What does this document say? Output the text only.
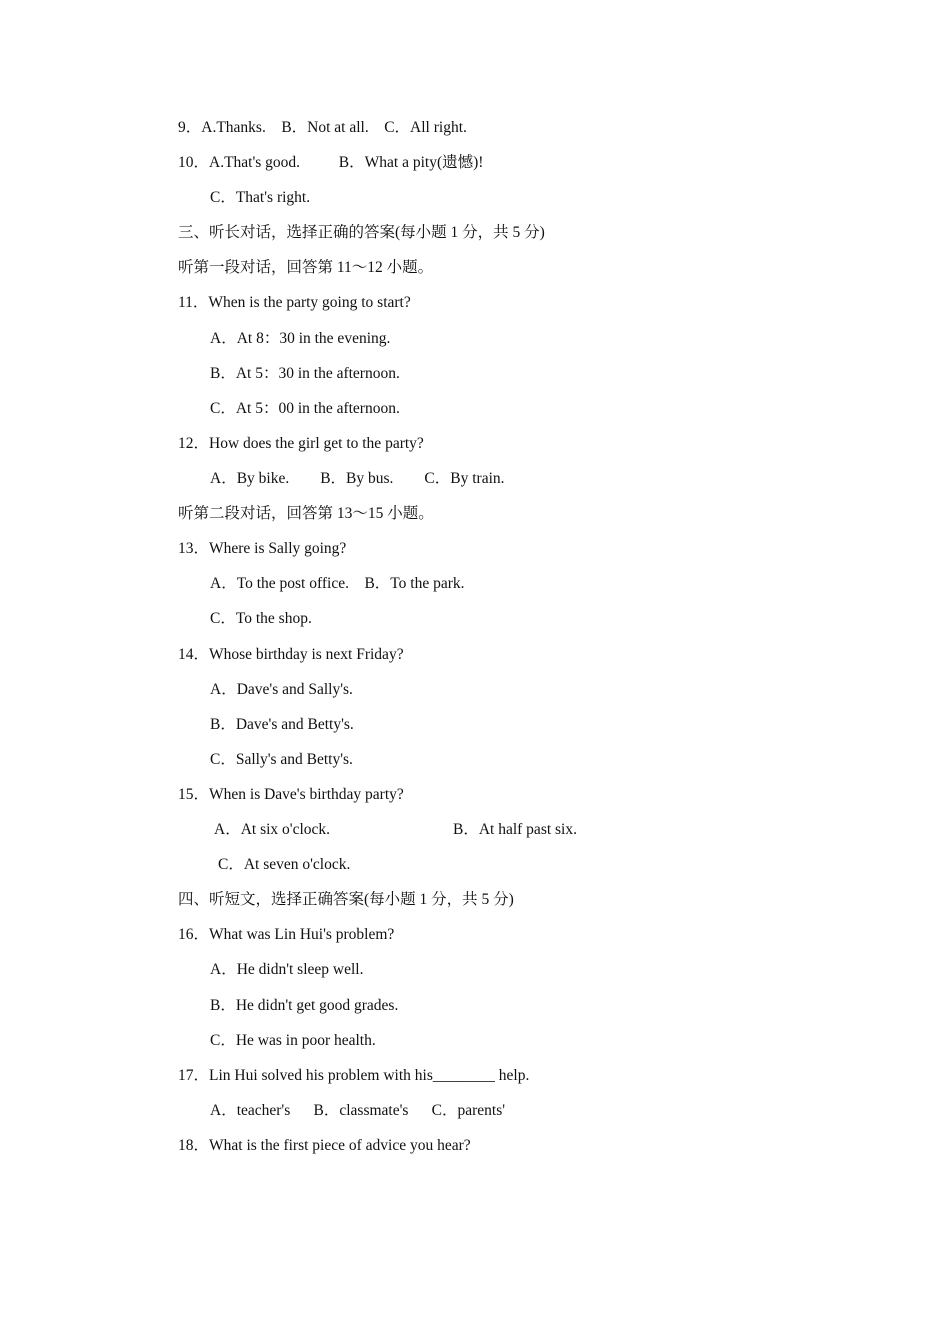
9．A.Thanks.    B．Not at all.    C．All right.
10．A.That's good.          B．What a pity(遗憾)!
C．That's right.
三、听长对话，选择正确的答案(每小题 1 分，共 5 分)
听第一段对话，回答第 11～12 小题。
11．When is the party going to start?
A．At 8：30 in the evening.
B．At 5：30 in the afternoon.
C．At 5：00 in the afternoon.
12．How does the girl get to the party?
A．By bike.        B．By bus.        C．By train.
听第二段对话，回答第 13～15 小题。
13．Where is Sally going?
A．To the post office.    B．To the park.
C．To the shop.
14．Whose birthday is next Friday?
A．Dave's and Sally's.
B．Dave's and Betty's.
C．Sally's and Betty's.
15．When is Dave's birthday party?
A．At six o'clock.	B．At half past six.
C．At seven o'clock.
四、听短文，选择正确答案(每小题 1 分，共 5 分)
16．What was Lin Hui's problem?
A．He didn't sleep well.
B．He didn't get good grades.
C．He was in poor health.
17．Lin Hui solved his problem with his________ help.
A．teacher's      B．classmate's      C．parents'
18．What is the first piece of advice you hear?
